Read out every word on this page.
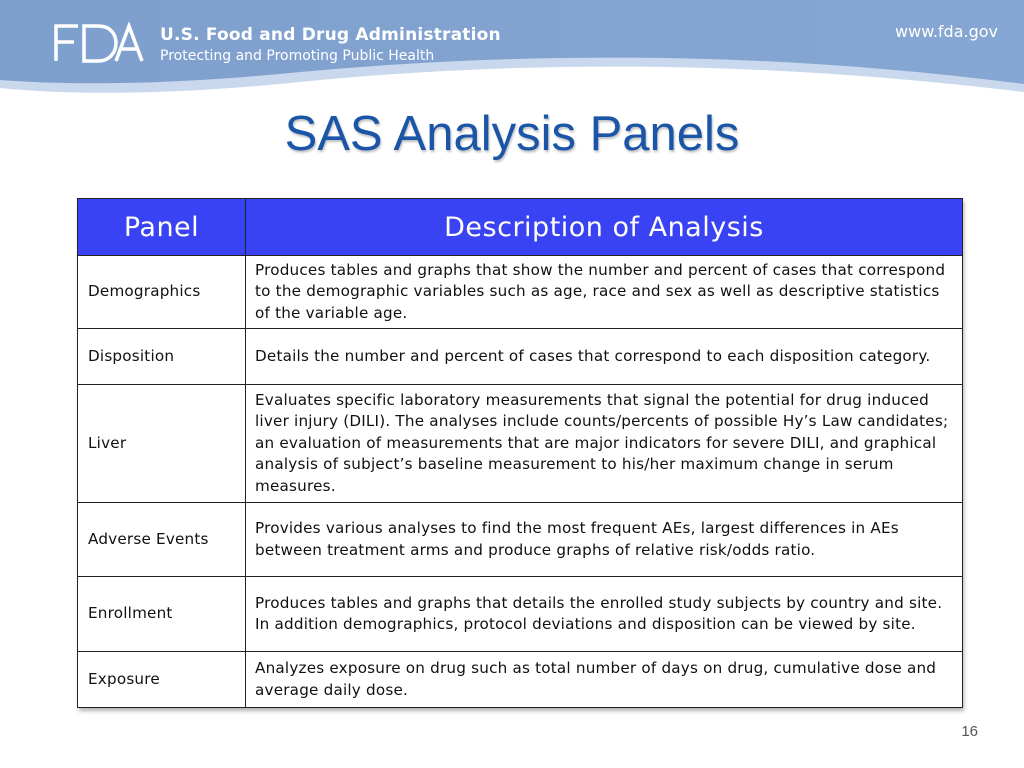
U.S. Food and Drug Administration
Protecting and Promoting Public Health
www.fda.gov
SAS Analysis Panels
Panel	Description of Analysis
Demographics	Produces tables and graphs that show the number and percent of cases that correspond to the demographic variables such as age, race and sex as well as descriptive statistics of the variable age.
Disposition	Details the number and percent of cases that correspond to each disposition category.
Liver	Evaluates specific laboratory measurements that signal the potential for drug induced liver injury (DILI). The analyses include counts/percents of possible Hy’s Law candidates; an evaluation of measurements that are major indicators for severe DILI, and graphical analysis of subject’s baseline measurement to his/her maximum change in serum measures.
Adverse Events	Provides various analyses to find the most frequent AEs, largest differences in AEs between treatment arms and produce graphs of relative risk/odds ratio.
Enrollment	Produces tables and graphs that details the enrolled study subjects by country and site. In addition demographics, protocol deviations and disposition can be viewed by site.
Exposure	Analyzes exposure on drug such as total number of days on drug, cumulative dose and average daily dose.
16
